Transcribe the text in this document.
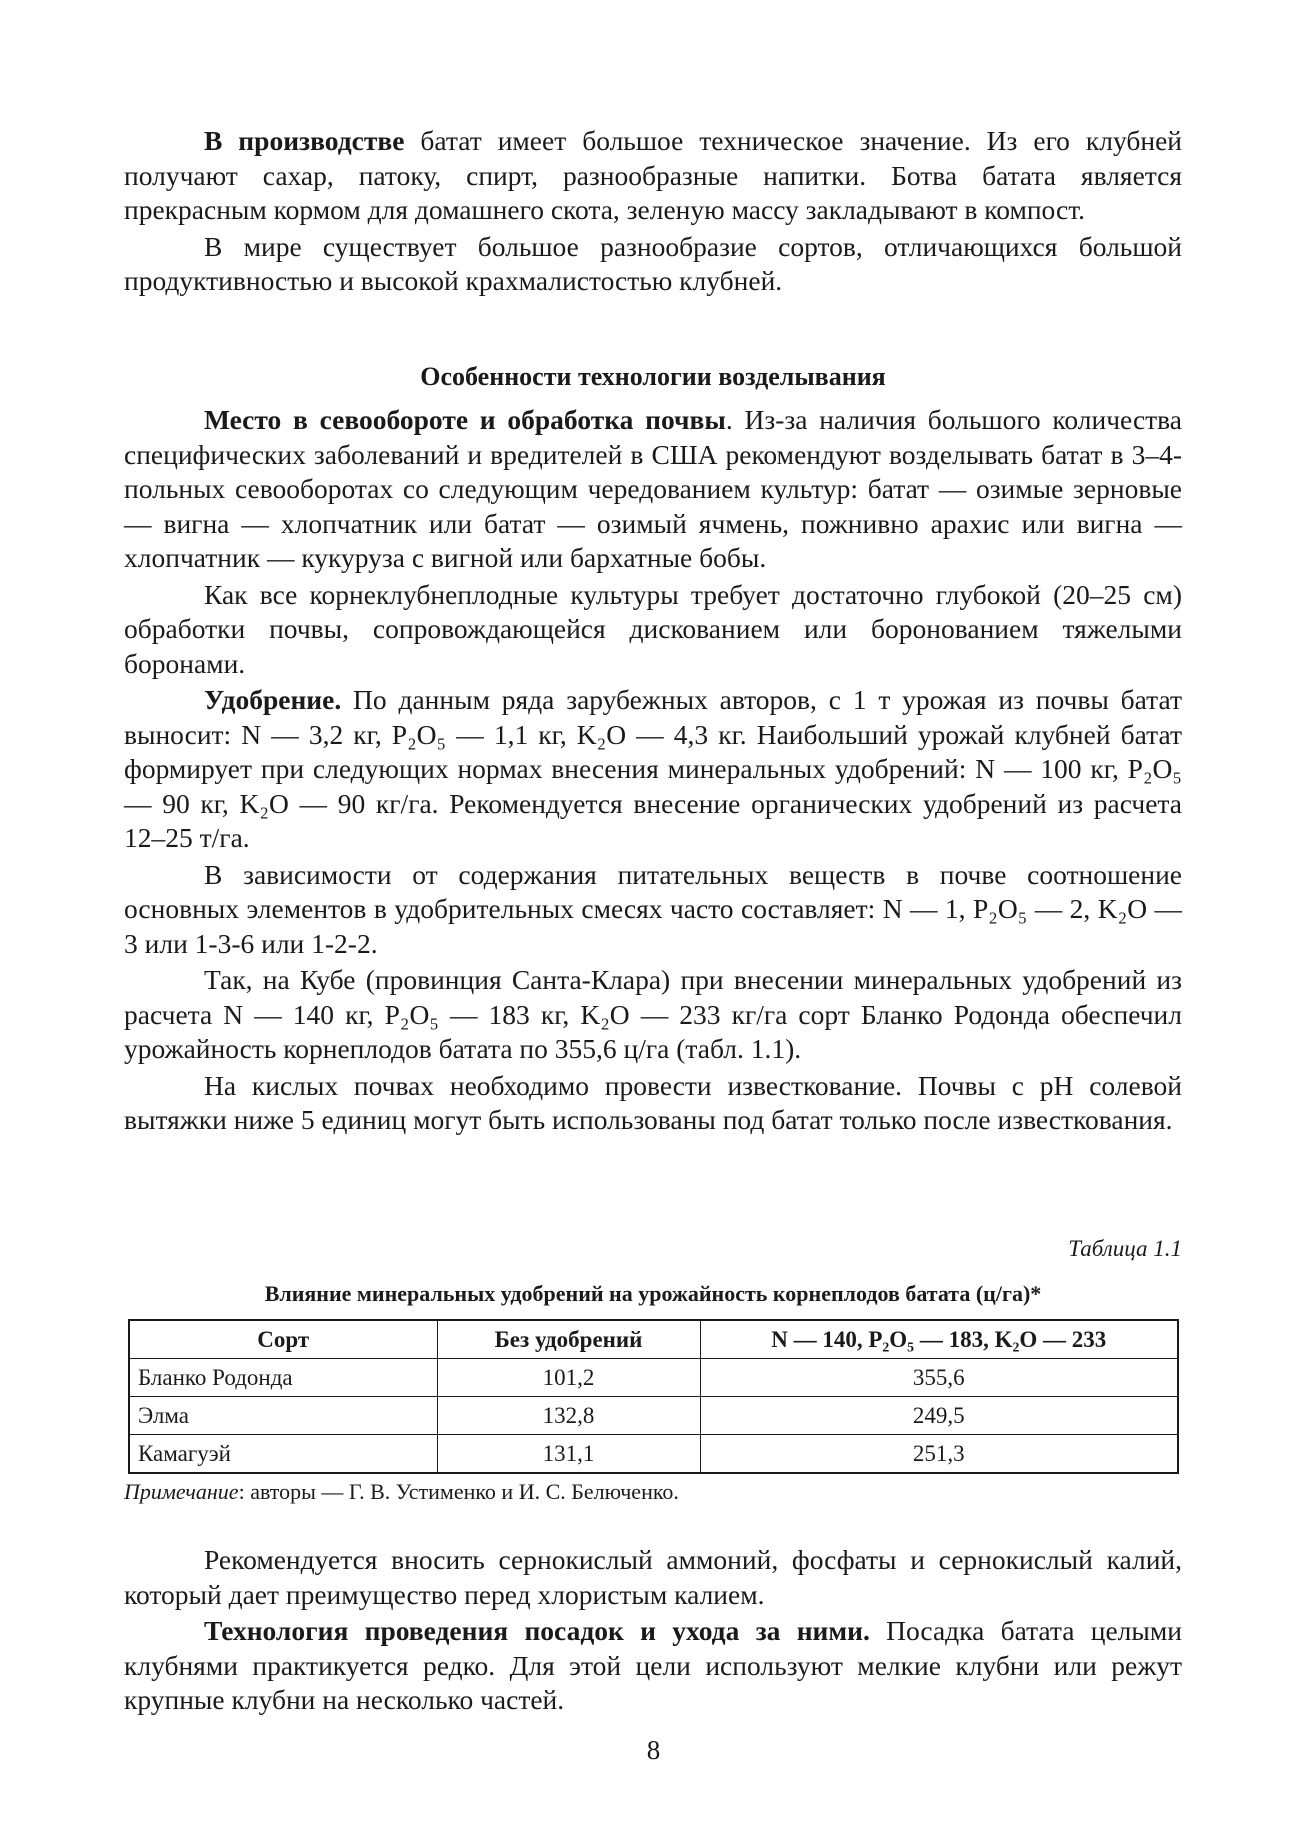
В производстве батат имеет большое техническое значение. Из его клубней получают сахар, патоку, спирт, разнообразные напитки. Ботва батата является прекрасным кормом для домашнего скота, зеленую массу закладывают в компост.

В мире существует большое разнообразие сортов, отличающихся большой продуктивностью и высокой крахмалистостью клубней.

Особенности технологии возделывания

Место в севообороте и обработка почвы. Из-за наличия большого количества специфических заболеваний и вредителей в США рекомендуют возделывать батат в 3–4-польных севооборотах со следующим чередованием культур: батат — озимые зерновые — вигна — хлопчатник или батат — озимый ячмень, пожнивно арахис или вигна — хлопчатник — кукуруза с вигной или бархатные бобы.

Как все корнеклубнеплодные культуры требует достаточно глубокой (20–25 см) обработки почвы, сопровождающейся дискованием или боронованием тяжелыми боронами.

Удобрение. По данным ряда зарубежных авторов, с 1 т урожая из почвы батат выносит: N — 3,2 кг, P₂O₅ — 1,1 кг, K₂O — 4,3 кг. Наибольший урожай клубней батат формирует при следующих нормах внесения минеральных удобрений: N — 100 кг, P₂O₅ — 90 кг, K₂O — 90 кг/га. Рекомендуется внесение органических удобрений из расчета 12–25 т/га.

В зависимости от содержания питательных веществ в почве соотношение основных элементов в удобрительных смесях часто составляет: N — 1, P₂O₅ — 2, K₂O — 3 или 1-3-6 или 1-2-2.

Так, на Кубе (провинция Санта-Клара) при внесении минеральных удобрений из расчета N — 140 кг, P₂O₅ — 183 кг, K₂O — 233 кг/га сорт Бланко Родонда обеспечил урожайность корнеплодов батата по 355,6 ц/га (табл. 1.1).

На кислых почвах необходимо провести известкование. Почвы с pH солевой вытяжки ниже 5 единиц могут быть использованы под батат только после известкования.

Таблица 1.1
Влияние минеральных удобрений на урожайность корнеплодов батата (ц/га)*
Сорт	Без удобрений	N — 140, P₂O₅ — 183, K₂O — 233
Бланко Родонда	101,2	355,6
Элма	132,8	249,5
Камагуэй	131,1	251,3
Примечание: авторы — Г. В. Устименко и И. С. Белюченко.

Рекомендуется вносить сернокислый аммоний, фосфаты и сернокислый калий, который дает преимущество перед хлористым калием.

Технология проведения посадок и ухода за ними. Посадка батата целыми клубнями практикуется редко. Для этой цели используют мелкие клубни или режут крупные клубни на несколько частей.

8
